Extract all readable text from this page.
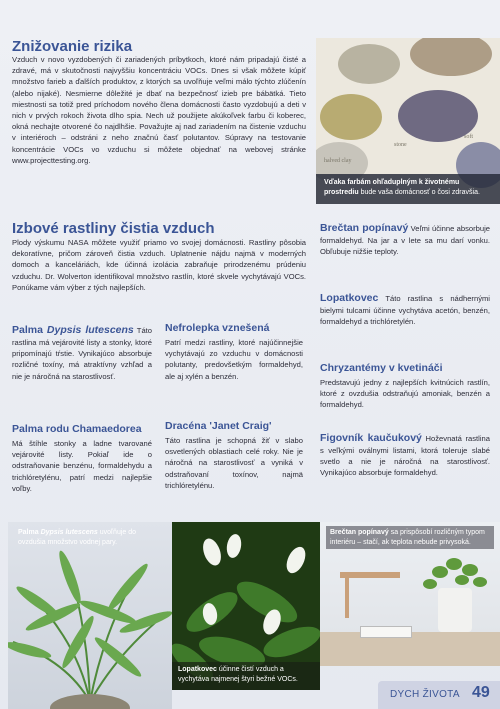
Znižovanie rizika
Vzduch v novo vyzdobených či zariadených príbytkoch, ktoré nám pripadajú čisté a zdravé, má v skutočnosti najvyššiu koncentráciu VOCs. Dnes si však môžete kúpiť množstvo farieb a ďalších produktov, z ktorých sa uvoľňuje veľmi málo týchto zlúčenín (alebo nijaké). Nesmierne dôležité je dbať na bezpečnosť izieb pre bábätká. Tieto miestnosti sa totiž pred príchodom nového člena domácnosti často vyzdobujú a deti v nich v prvých rokoch života dlho spia. Nech už použijete akúkoľvek farbu či koberec, okná nechajte otvorené čo najdlhšie. Považujte aj nad zariadením na čistenie vzduchu v interiéroch – odstráni z neho značnú časť polutantov. Súpravy na testovanie koncentrácie VOCs vo vzduchu si môžete objednať na webovej stránke www.projecttesting.org.	halved clay
stone
soft
Vďaka farbám ohľaduplným k životnému prostrediu bude vaša domácnosť o čosi zdravšia.
Izbové rastliny čistia vzduch
Plody výskumu NASA môžete využiť priamo vo svojej domácnosti. Rastliny pôsobia dekoratívne, pričom zároveň čistia vzduch. Uplatnenie nájdu najmä v moderných domoch a kanceláriách, kde účinná izolácia zabraňuje prirodzenému prúdeniu vzduchu. Dr. Wolverton identifikoval množstvo rastlín, ktoré skvele vychytávajú VOCs. Ponúkame vám výber z tých najlepších.
Palma Dypsis lutescens Táto rastlina má vejárovité listy a stonky, ktoré pripomínajú tŕstie. Vynikajúco absorbuje rozličné toxíny, má atraktívny vzhľad a nie je náročná na starostlivosť.
Palma rodu Chamaedorea
Má štíhle stonky a ladne tvarované vejárovité listy. Pokiaľ ide o odstraňovanie benzénu, formaldehydu a trichlóretylénu, patrí medzi najlepšie voľby.
Nefrolepka vznešená
Patrí medzi rastliny, ktoré najúčinnejšie vychytávajú zo vzduchu v domácnosti polutanty, predovšetkým formaldehyd, ale aj xylén a benzén.
Dracéna 'Janet Craig'
Táto rastlina je schopná žiť v slabo osvetlených oblastiach celé roky. Nie je náročná na starostlivosť a vyniká v odstraňovaní toxínov, najmä trichlóretylénu.
Brečtan popínavý Veľmi účinne absorbuje formaldehyd. Na jar a v lete sa mu darí vonku. Obľubuje nižšie teploty.
Lopatkovec Táto rastlina s nádhernými bielymi tulcami účinne vychytáva acetón, benzén, formaldehyd a trichlóretylén.
Chryzantémy v kvetináči
Predstavujú jedny z najlepších kvitnúcich rastlín, ktoré z ovzdušia odstraňujú amoniak, benzén a formaldehyd.
Figovník kaučukový Hoževnatá rastlina s veľkými oválnymi listami, ktorá toleruje slabé svetlo a nie je náročná na starostlivosť. Vynikajúco absorbuje formaldehyd.
Palma Dypsis lutescens uvoľňuje do ovzdušia množstvo vodnej pary.
Lopatkovec účinne čistí vzduch a vychytáva najmenej štyri bežné VOCs.
Brečtan popínavý sa prispôsobí rozličným typom interiéru – stačí, ak teplota nebude privysoká.
DYCH ŽIVOTA 49
